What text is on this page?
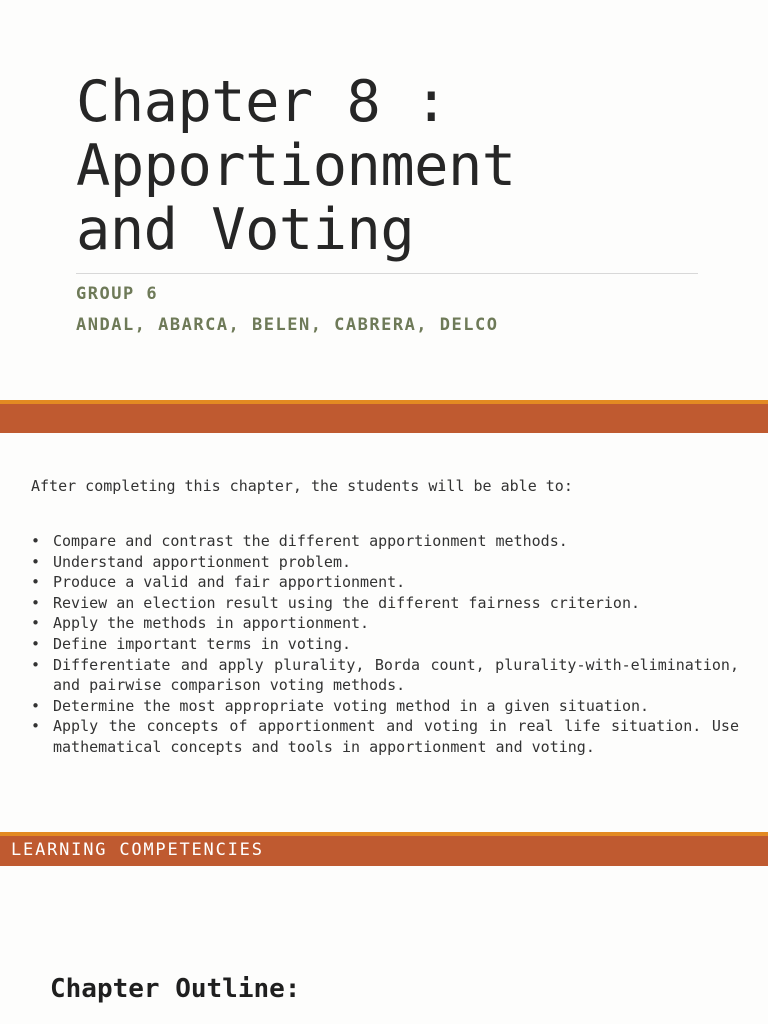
Chapter 8 :
Apportionment
and Voting
GROUP 6
ANDAL, ABARCA, BELEN, CABRERA, DELCO
After completing this chapter, the students will be able to:
• Compare and contrast the different apportionment methods.
• Understand apportionment problem.
• Produce a valid and fair apportionment.
• Review an election result using the different fairness criterion.
• Apply the methods in apportionment.
• Define important terms in voting.
• Differentiate and apply plurality, Borda count, plurality-with-elimination, and pairwise comparison voting methods.
• Determine the most appropriate voting method in a given situation.
• Apply the concepts of apportionment and voting in real life situation. Use mathematical concepts and tools in apportionment and voting.
LEARNING COMPETENCIES
Chapter Outline:
